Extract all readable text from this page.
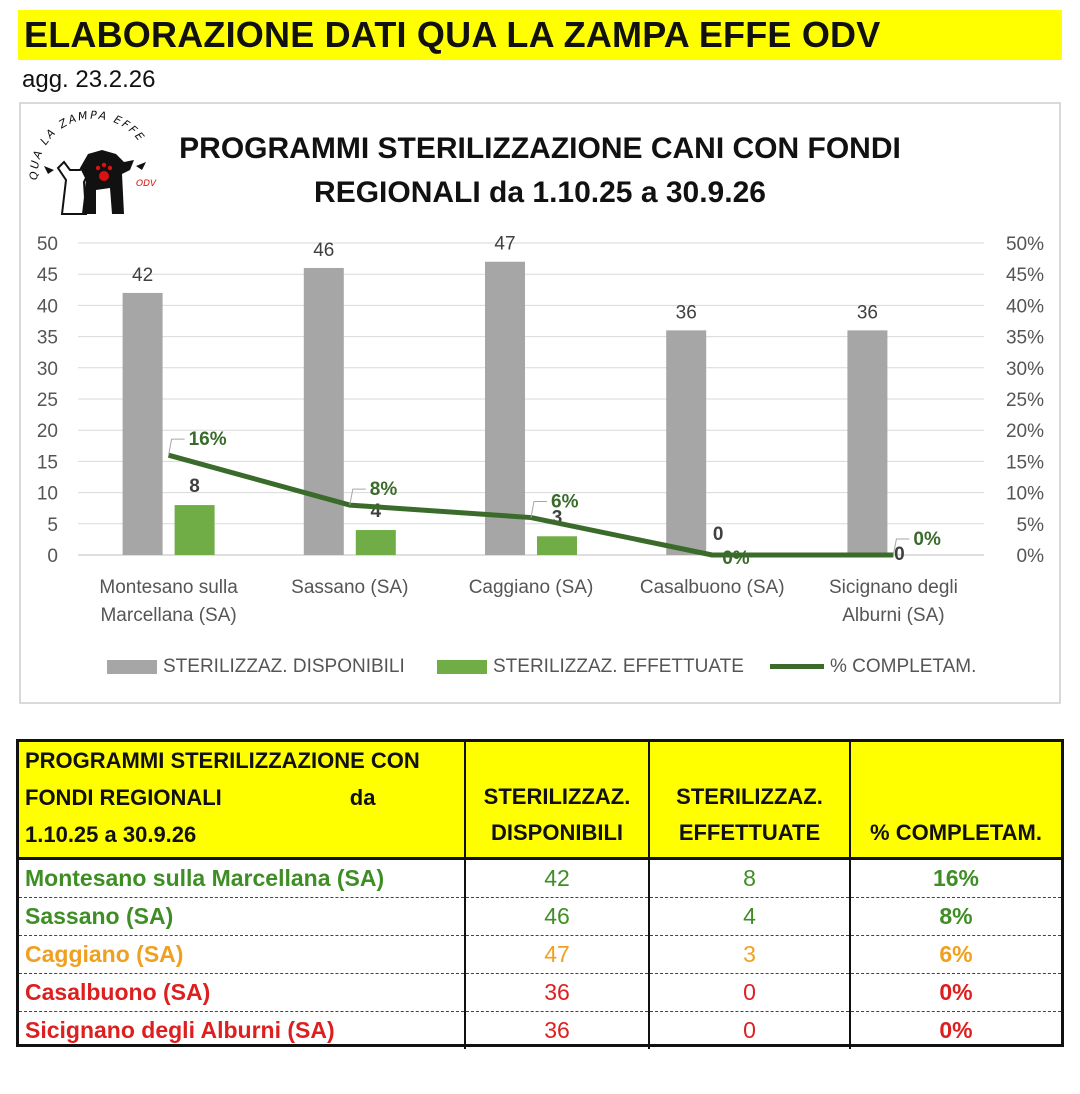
ELABORAZIONE DATI QUA LA ZAMPA EFFE ODV
agg. 23.2.26
QUA LA ZAMPA EFFE
ODV
PROGRAMMI STERILIZZAZIONE CANI CON FONDI
REGIONALI da 1.10.25 a 30.9.26
0
5
10
15
20
25
30
35
40
45
50
0%
5%
10%
15%
20%
25%
30%
35%
40%
45%
50%
42
46	47
36	36
8
4	3
0
0
16%
8%
6%
0%
0%
Montesano sulla
Marcellana (SA)
Sassano (SA)	Caggiano (SA) Casalbuono (SA) Sicignano degli
Alburni (SA)
STERILIZZAZ. DISPONIBILI	STERILIZZAZ. EFFETTUATE	% COMPLETAM.
PROGRAMMI STERILIZZAZIONE CON
FONDI REGIONALI da
1.10.25 a 30.9.26	STERILIZZAZ.
DISPONIBILI	STERILIZZAZ.
EFFETTUATE	% COMPLETAM.
Montesano sulla Marcellana (SA)	42	8	16%
Sassano (SA)	46	4	8%
Caggiano (SA)	47	3	6%
Casalbuono (SA)	36	0	0%
Sicignano degli Alburni (SA)	36	0	0%
